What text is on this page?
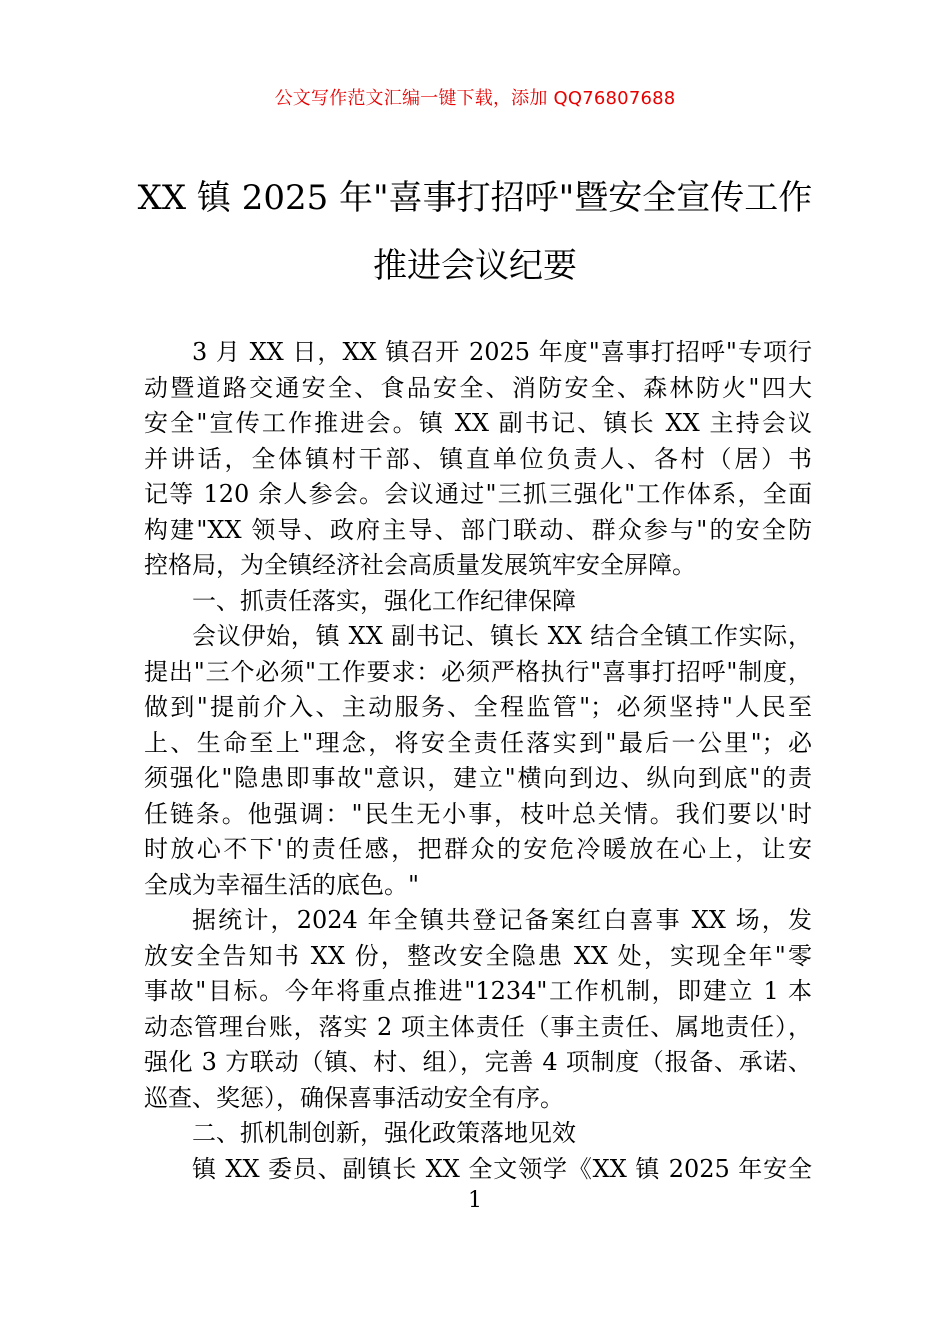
公文写作范文汇编一键下载，添加 QQ76807688
XX 镇 2025 年"喜事打招呼"暨安全宣传工作
推进会议纪要
3 月 XX 日，XX 镇召开 2025 年度"喜事打招呼"专项行
动暨道路交通安全、食品安全、消防安全、森林防火"四大
安全"宣传工作推进会。镇 XX 副书记、镇长 XX 主持会议
并讲话，全体镇村干部、镇直单位负责人、各村（居）书
记等 120 余人参会。会议通过"三抓三强化"工作体系，全面
构建"XX 领导、政府主导、部门联动、群众参与"的安全防
控格局，为全镇经济社会高质量发展筑牢安全屏障。
一、抓责任落实，强化工作纪律保障
会议伊始，镇 XX 副书记、镇长 XX 结合全镇工作实际，
提出"三个必须"工作要求：必须严格执行"喜事打招呼"制度，
做到"提前介入、主动服务、全程监管"；必须坚持"人民至
上、生命至上"理念，将安全责任落实到"最后一公里"；必
须强化"隐患即事故"意识，建立"横向到边、纵向到底"的责
任链条。他强调："民生无小事，枝叶总关情。我们要以'时
时放心不下'的责任感，把群众的安危冷暖放在心上，让安
全成为幸福生活的底色。"
据统计，2024 年全镇共登记备案红白喜事 XX 场，发
放安全告知书 XX 份，整改安全隐患 XX 处，实现全年"零
事故"目标。今年将重点推进"1234"工作机制，即建立 1 本
动态管理台账，落实 2 项主体责任（事主责任、属地责任），
强化 3 方联动（镇、村、组），完善 4 项制度（报备、承诺、
巡查、奖惩），确保喜事活动安全有序。
二、抓机制创新，强化政策落地见效
镇 XX 委员、副镇长 XX 全文领学《XX 镇 2025 年安全
1
